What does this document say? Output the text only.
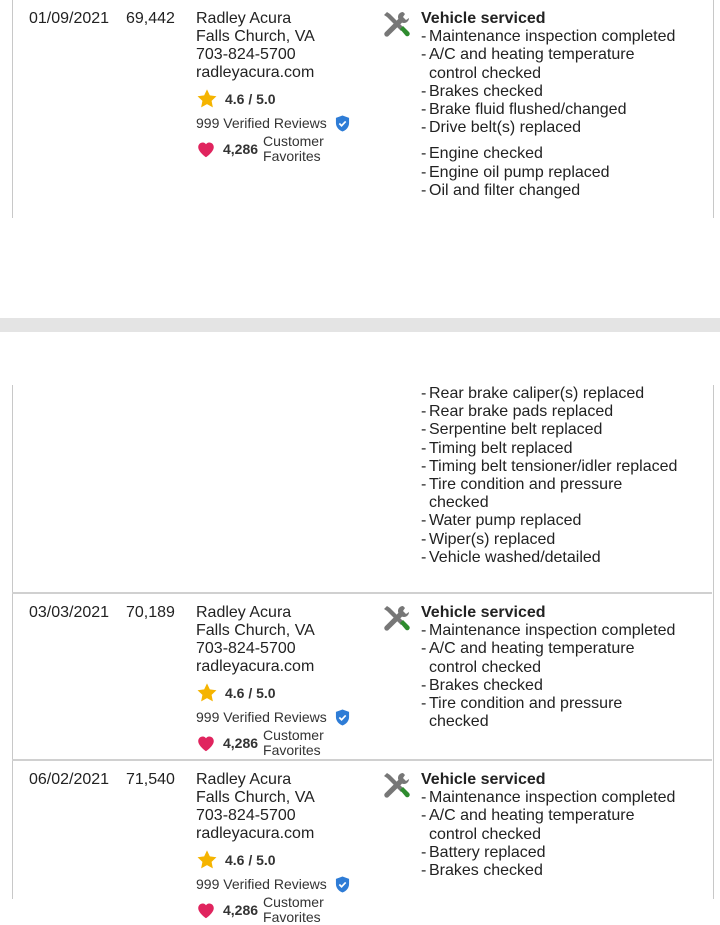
01/09/2021	69,442	Radley Acura
Falls Church, VA
703-824-5700
radleyacura.com
4.6 / 5.0
999 Verified Reviews
4,286 Customer
Favorites
Vehicle serviced
- Maintenance inspection completed
- A/C and heating temperature control checked
- Brakes checked
- Brake fluid flushed/changed
- Drive belt(s) replaced
- Engine checked
- Engine oil pump replaced
- Oil and filter changed
- Rear brake caliper(s) replaced
- Rear brake pads replaced
- Serpentine belt replaced
- Timing belt replaced
- Timing belt tensioner/idler replaced
- Tire condition and pressure checked
- Water pump replaced
- Wiper(s) replaced
- Vehicle washed/detailed
03/03/2021	70,189	Radley Acura
Falls Church, VA
703-824-5700
radleyacura.com
4.6 / 5.0
999 Verified Reviews
4,286 Customer
Favorites
Vehicle serviced
- Maintenance inspection completed
- A/C and heating temperature control checked
- Brakes checked
- Tire condition and pressure checked
06/02/2021	71,540	Radley Acura
Falls Church, VA
703-824-5700
radleyacura.com
4.6 / 5.0
999 Verified Reviews
4,286 Customer
Favorites
Vehicle serviced
- Maintenance inspection completed
- A/C and heating temperature control checked
- Battery replaced
- Brakes checked
